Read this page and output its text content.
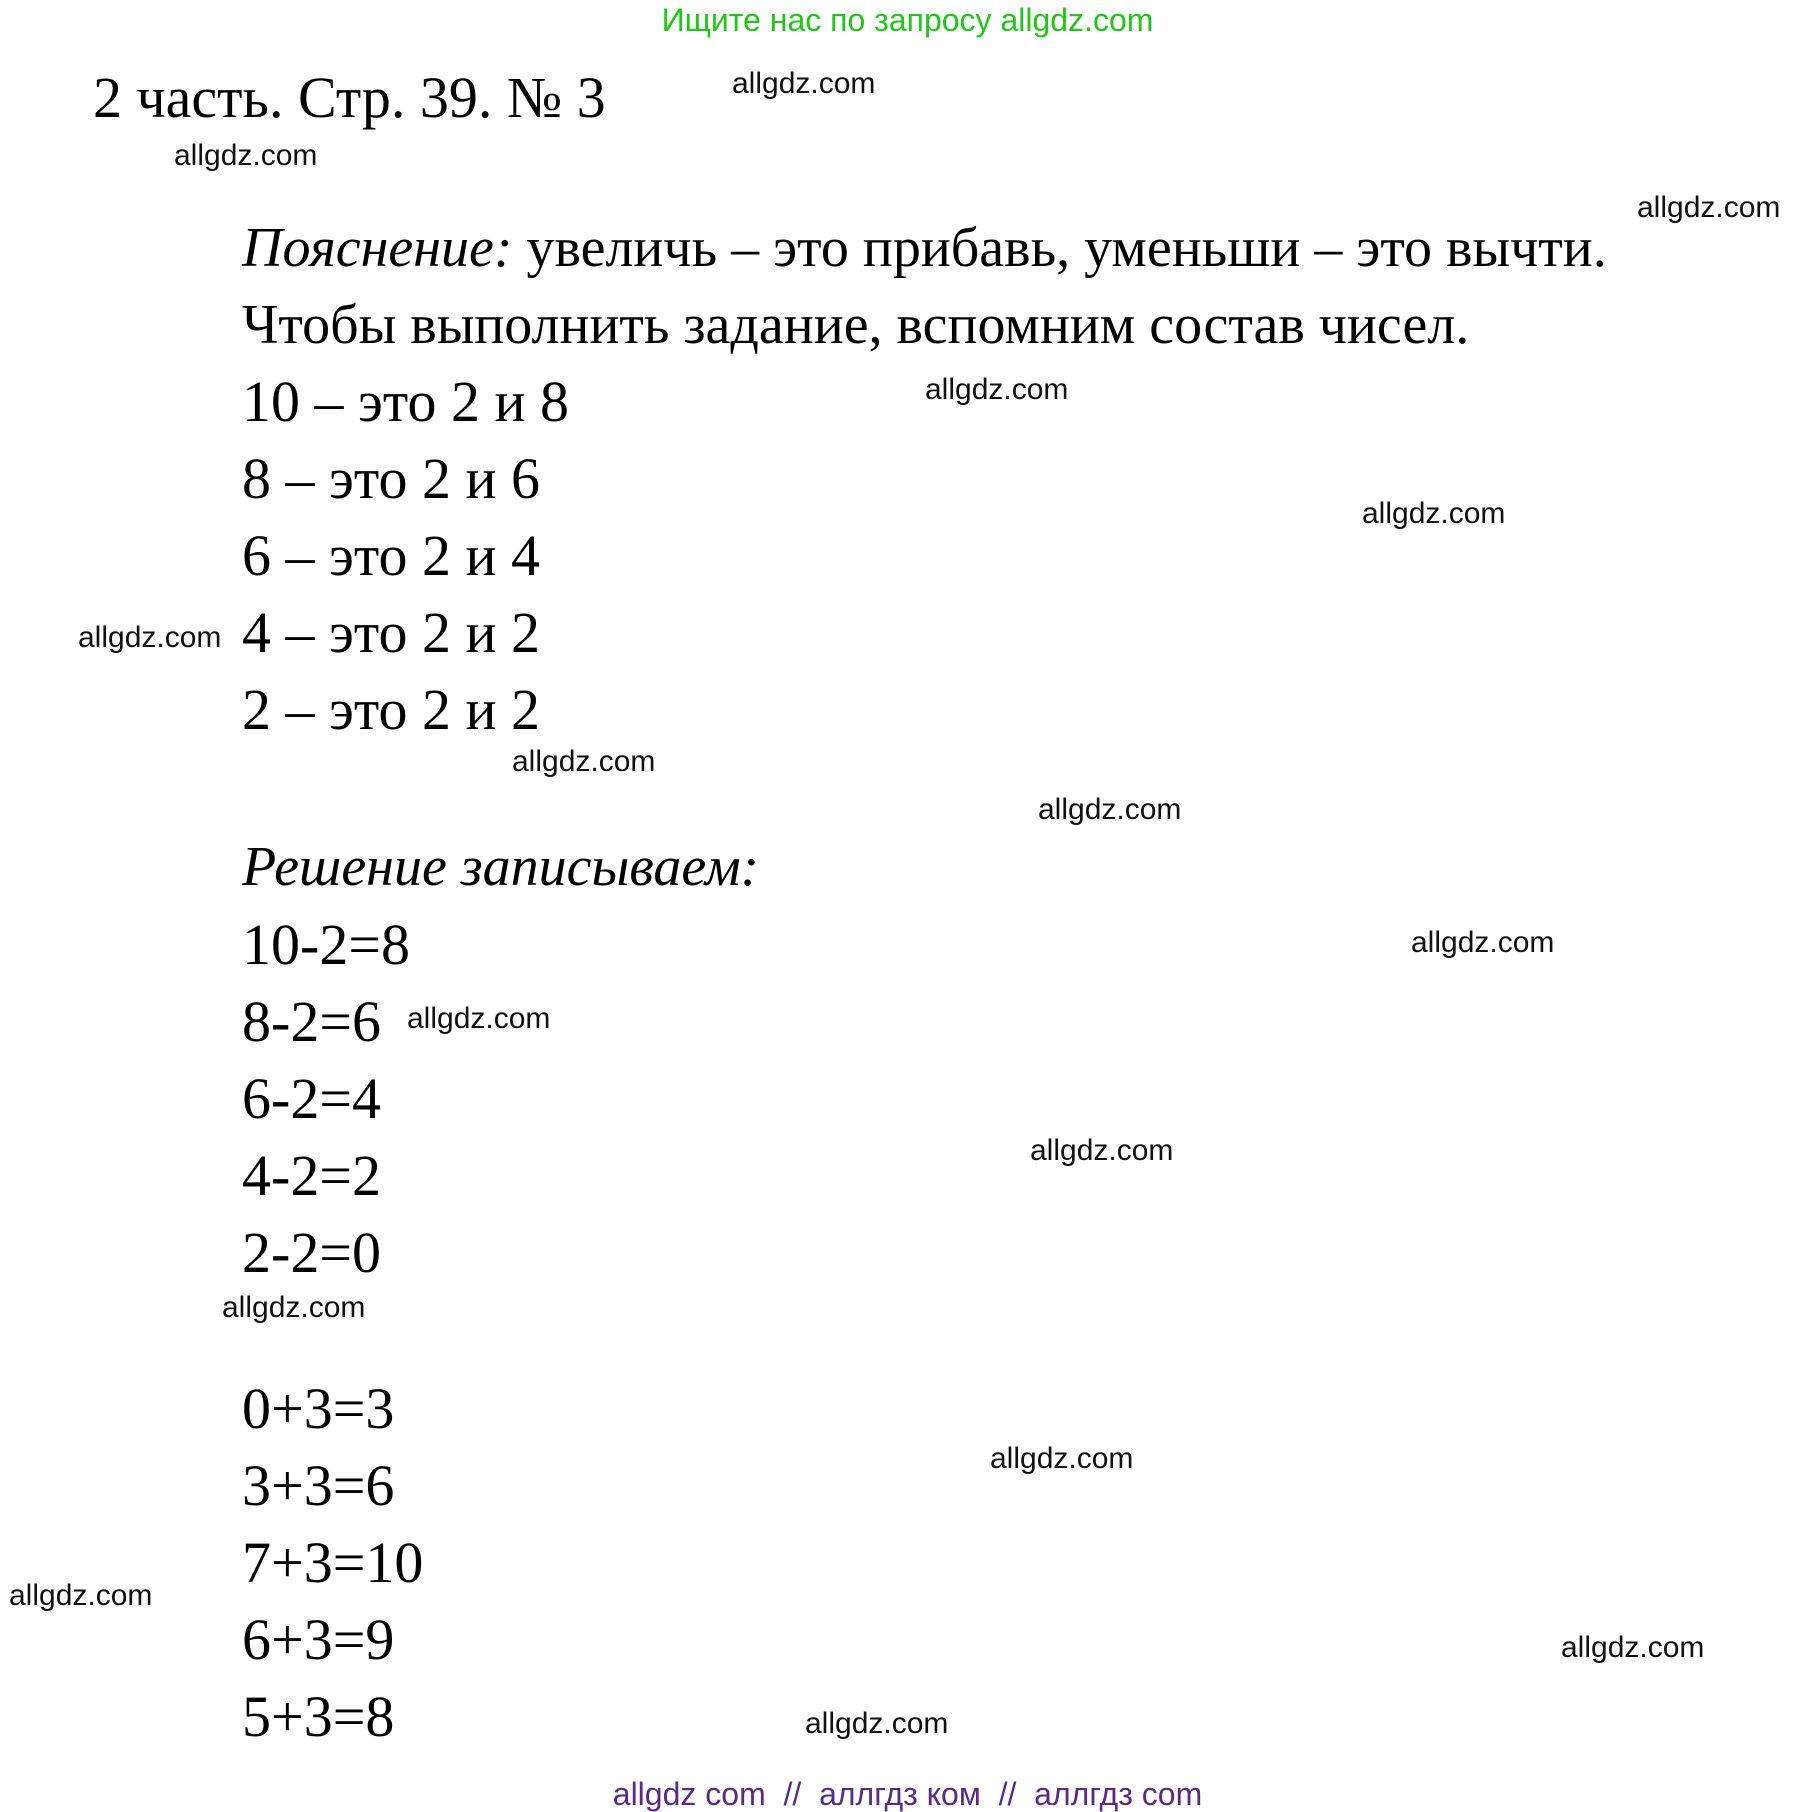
Ищите нас по запросу allgdz.com
2 часть. Стр. 39. № 3
Пояснение: увеличь – это прибавь, уменьши – это вычти.
Чтобы выполнить задание, вспомним состав чисел.
10 – это 2 и 8
8 – это 2 и 6
6 – это 2 и 4
4 – это 2 и 2
2 – это 2 и 2
Решение записываем:
10-2=8
8-2=6
6-2=4
4-2=2
2-2=0
0+3=3
3+3=6
7+3=10
6+3=9
5+3=8
allgdz.com
allgdz.com
allgdz.com
allgdz.com
allgdz.com
allgdz.com
allgdz.com
allgdz.com
allgdz.com
allgdz.com
allgdz.com
allgdz.com
allgdz.com
allgdz.com
allgdz.com
allgdz.com
allgdz com  //  аллгдз ком  //  аллгдз com
